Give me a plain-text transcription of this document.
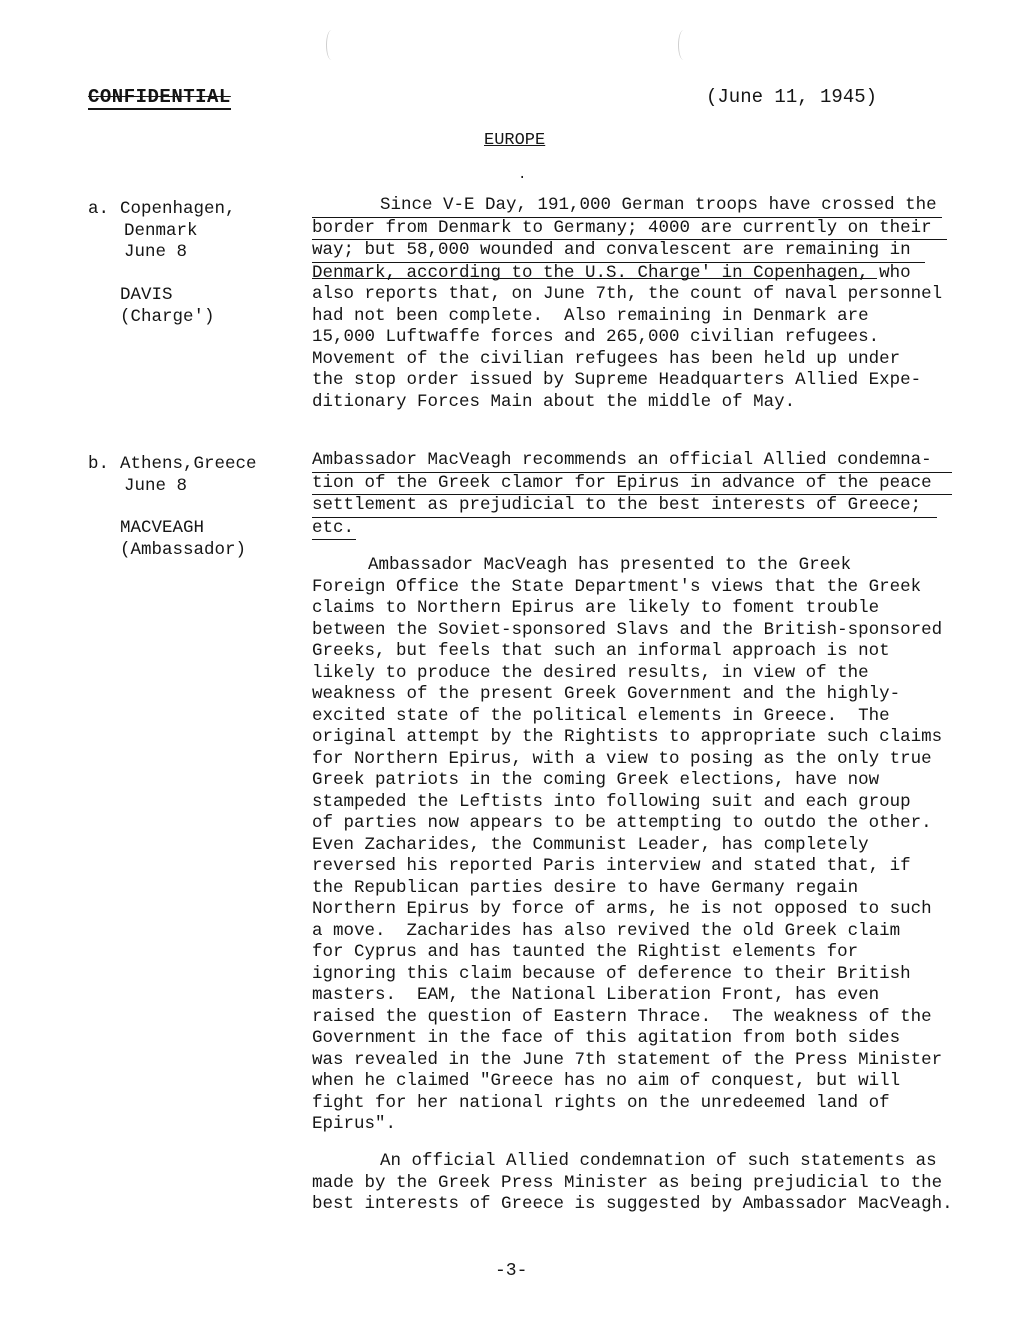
CONFIDENTIAL	(June 11, 1945)
EUROPE
.
a. Copenhagen,
Denmark
June 8
DAVIS
(Charge')
Since V-E Day, 191,000 German troops have crossed the
border from Denmark to Germany; 4000 are currently on their
way; but 58,000 wounded and convalescent are remaining in
Denmark, according to the U.S. Charge' in Copenhagen, who
also reports that, on June 7th, the count of naval personnel
had not been complete.  Also remaining in Denmark are
15,000 Luftwaffe forces and 265,000 civilian refugees.
Movement of the civilian refugees has been held up under
the stop order issued by Supreme Headquarters Allied Expe-
ditionary Forces Main about the middle of May.
b. Athens,Greece
June 8
MACVEAGH
(Ambassador)
Ambassador MacVeagh recommends an official Allied condemna-
tion of the Greek clamor for Epirus in advance of the peace
settlement as prejudicial to the best interests of Greece;
etc.
Ambassador MacVeagh has presented to the Greek
Foreign Office the State Department's views that the Greek
claims to Northern Epirus are likely to foment trouble
between the Soviet-sponsored Slavs and the British-sponsored
Greeks, but feels that such an informal approach is not
likely to produce the desired results, in view of the
weakness of the present Greek Government and the highly-
excited state of the political elements in Greece.  The
original attempt by the Rightists to appropriate such claims
for Northern Epirus, with a view to posing as the only true
Greek patriots in the coming Greek elections, have now
stampeded the Leftists into following suit and each group
of parties now appears to be attempting to outdo the other.
Even Zacharides, the Communist Leader, has completely
reversed his reported Paris interview and stated that, if
the Republican parties desire to have Germany regain
Northern Epirus by force of arms, he is not opposed to such
a move.  Zacharides has also revived the old Greek claim
for Cyprus and has taunted the Rightist elements for
ignoring this claim because of deference to their British
masters.  EAM, the National Liberation Front, has even
raised the question of Eastern Thrace.  The weakness of the
Government in the face of this agitation from both sides
was revealed in the June 7th statement of the Press Minister
when he claimed "Greece has no aim of conquest, but will
fight for her national rights on the unredeemed land of
Epirus".
An official Allied condemnation of such statements as
made by the Greek Press Minister as being prejudicial to the
best interests of Greece is suggested by Ambassador MacVeagh.
-3-
